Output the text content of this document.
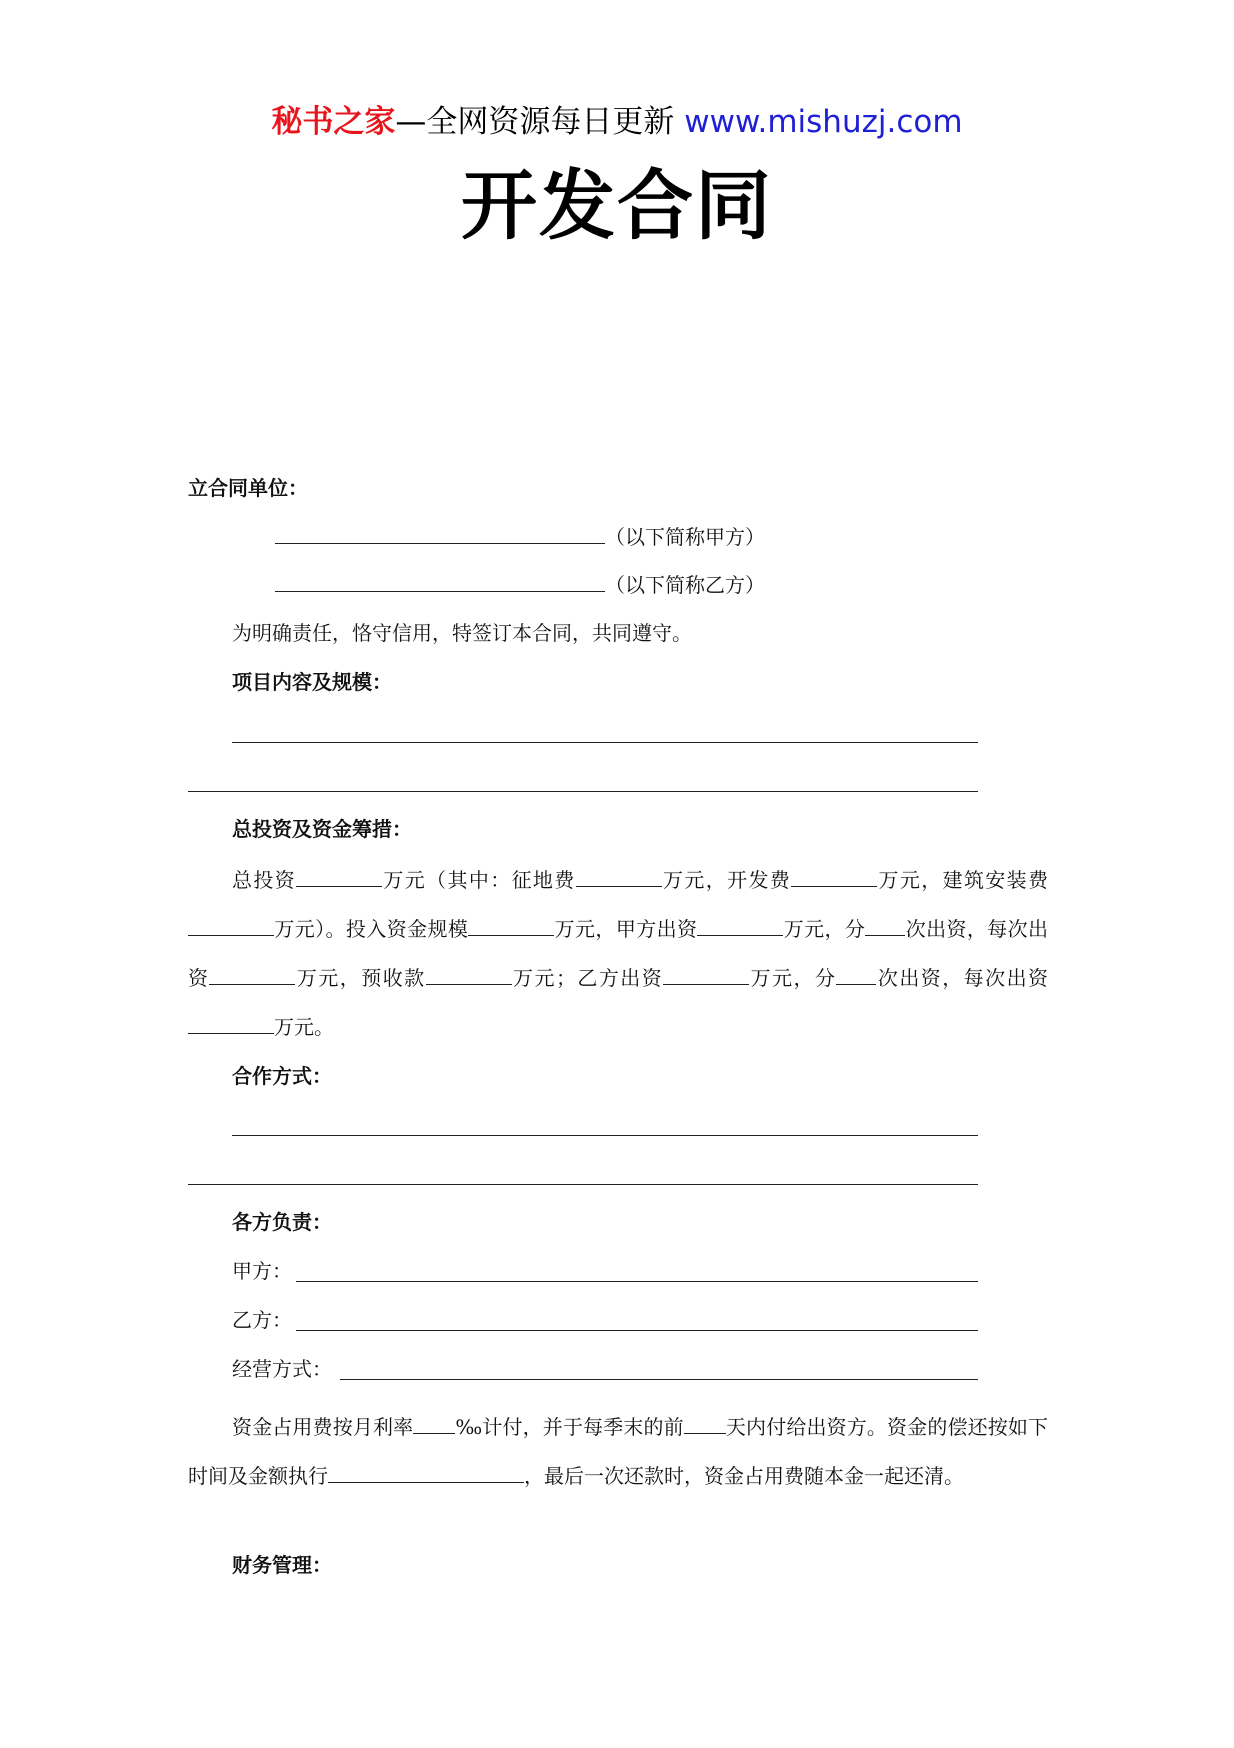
秘书之家—全网资源每日更新 www.mishuzj.com
开发合同
立合同单位：
（以下简称甲方）
（以下简称乙方）
为明确责任，恪守信用，特签订本合同，共同遵守。
项目内容及规模：
总投资及资金筹措：
总投资	万元（其中：征地费	万元，开发费	万元，建筑安装费万元）。投入资金规模	万元，甲方出资	万元，分 次出资，每次出资	万元，预收款	万元；乙方出资	万元，分 次出资，每次出资万元。
合作方式：
各方负责：
甲方：
乙方：
经营方式：
资金占用费按月利率 ‰计付，并于每季末的前 天内付给出资方。资金的偿还按如下时间及金额执行	，最后一次还款时，资金占用费随本金一起还清。
财务管理：
